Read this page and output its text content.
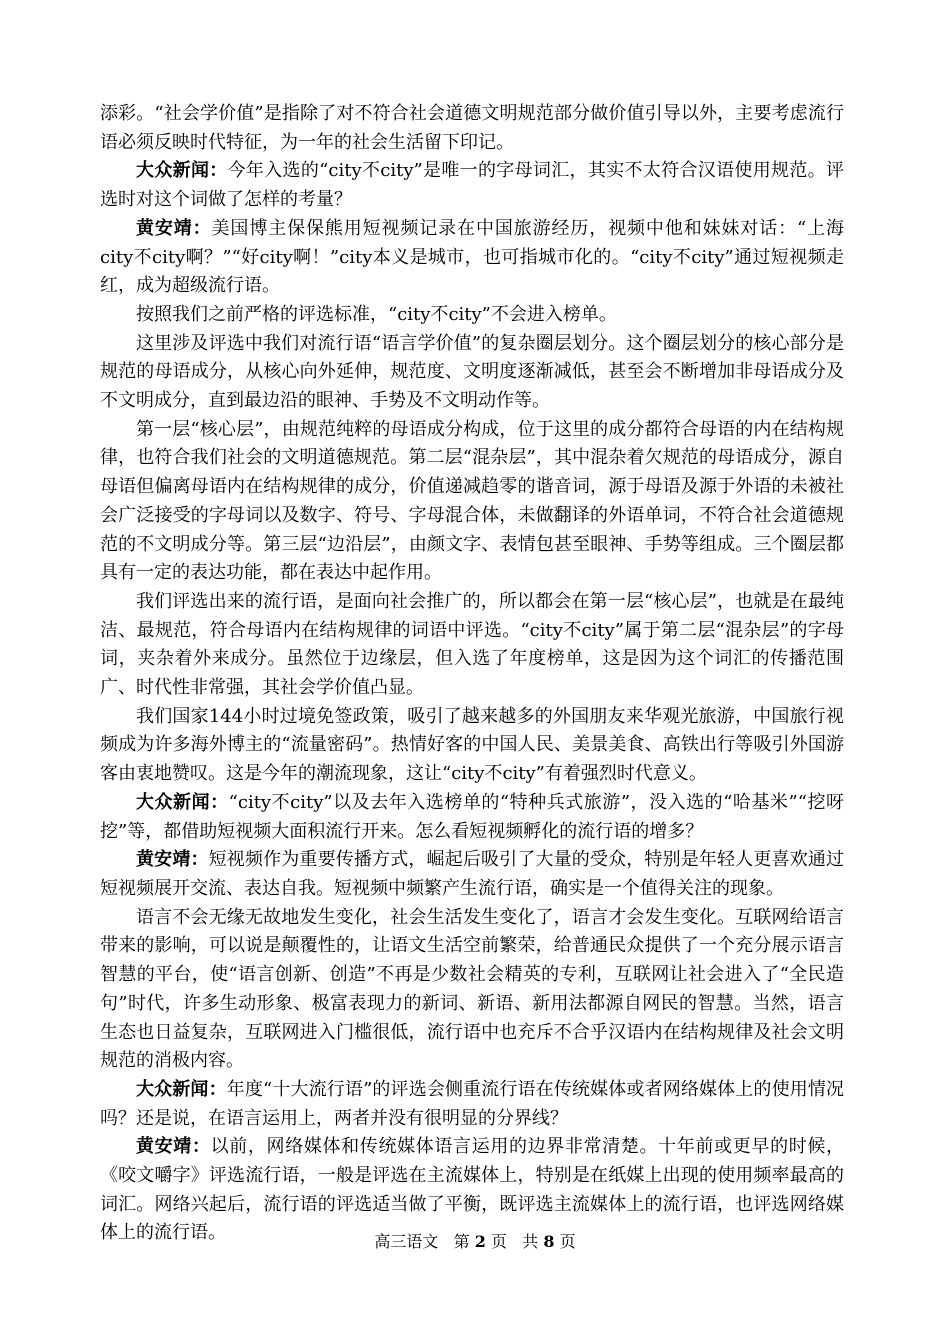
添彩。“社会学价值”是指除了对不符合社会道德文明规范部分做价值引导以外，主要考虑流行语必须反映时代特征，为一年的社会生活留下印记。

大众新闻：今年入选的“city不city”是唯一的字母词汇，其实不太符合汉语使用规范。评选时对这个词做了怎样的考量？

黄安靖：美国博主保保熊用短视频记录在中国旅游经历，视频中他和妹妹对话：“上海city不city啊？”“好city啊！”city本义是城市，也可指城市化的。“city不city”通过短视频走红，成为超级流行语。

按照我们之前严格的评选标准，“city不city”不会进入榜单。

这里涉及评选中我们对流行语“语言学价值”的复杂圈层划分。这个圈层划分的核心部分是规范的母语成分，从核心向外延伸，规范度、文明度逐渐减低，甚至会不断增加非母语成分及不文明成分，直到最边沿的眼神、手势及不文明动作等。

第一层“核心层”，由规范纯粹的母语成分构成，位于这里的成分都符合母语的内在结构规律，也符合我们社会的文明道德规范。第二层“混杂层”，其中混杂着欠规范的母语成分，源自母语但偏离母语内在结构规律的成分，价值递减趋零的谐音词，源于母语及源于外语的未被社会广泛接受的字母词以及数字、符号、字母混合体，未做翻译的外语单词，不符合社会道德规范的不文明成分等。第三层“边沿层”，由颜文字、表情包甚至眼神、手势等组成。三个圈层都具有一定的表达功能，都在表达中起作用。

我们评选出来的流行语，是面向社会推广的，所以都会在第一层“核心层”，也就是在最纯洁、最规范，符合母语内在结构规律的词语中评选。“city不city”属于第二层“混杂层”的字母词，夹杂着外来成分。虽然位于边缘层，但入选了年度榜单，这是因为这个词汇的传播范围广、时代性非常强，其社会学价值凸显。

我们国家144小时过境免签政策，吸引了越来越多的外国朋友来华观光旅游，中国旅行视频成为许多海外博主的“流量密码”。热情好客的中国人民、美景美食、高铁出行等吸引外国游客由衷地赞叹。这是今年的潮流现象，这让“city不city”有着强烈时代意义。

大众新闻：“city不city”以及去年入选榜单的“特种兵式旅游”，没入选的“哈基米”“挖呀挖”等，都借助短视频大面积流行开来。怎么看短视频孵化的流行语的增多？

黄安靖：短视频作为重要传播方式，崛起后吸引了大量的受众，特别是年轻人更喜欢通过短视频展开交流、表达自我。短视频中频繁产生流行语，确实是一个值得关注的现象。

语言不会无缘无故地发生变化，社会生活发生变化了，语言才会发生变化。互联网给语言带来的影响，可以说是颠覆性的，让语文生活空前繁荣，给普通民众提供了一个充分展示语言智慧的平台，使“语言创新、创造”不再是少数社会精英的专利，互联网让社会进入了“全民造句”时代，许多生动形象、极富表现力的新词、新语、新用法都源自网民的智慧。当然，语言生态也日益复杂，互联网进入门槛很低，流行语中也充斥不合乎汉语内在结构规律及社会文明规范的消极内容。

大众新闻：年度“十大流行语”的评选会侧重流行语在传统媒体或者网络媒体上的使用情况吗？还是说，在语言运用上，两者并没有很明显的分界线？

黄安靖：以前，网络媒体和传统媒体语言运用的边界非常清楚。十年前或更早的时候，《咬文嚼字》评选流行语，一般是评选在主流媒体上，特别是在纸媒上出现的使用频率最高的词汇。网络兴起后，流行语的评选适当做了平衡，既评选主流媒体上的流行语，也评选网络媒体上的流行语。	高三语文 第 2 页 共 8 页
